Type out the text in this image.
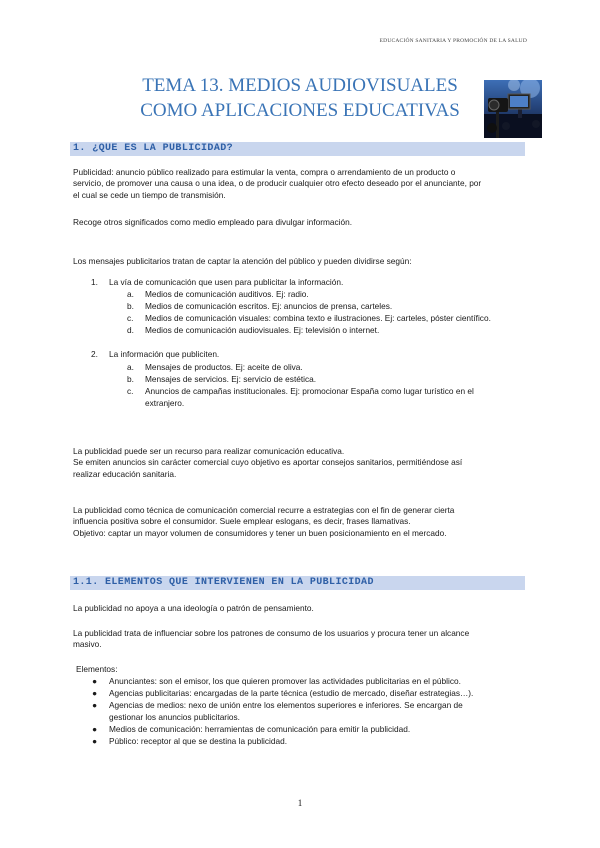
EDUCACIÓN SANITARIA Y PROMOCIÓN DE LA SALUD
TEMA 13. MEDIOS AUDIOVISUALES
COMO APLICACIONES EDUCATIVAS
1. ¿QUE ES LA PUBLICIDAD?
Publicidad: anuncio público realizado para estimular la venta, compra o arrendamiento de un producto o
servicio, de promover una causa o una idea, o de producir cualquier otro efecto deseado por el anunciante, por
el cual se cede un tiempo de transmisión.
Recoge otros significados como medio empleado para divulgar información.
Los mensajes publicitarios tratan de captar la atención del público y pueden dividirse según:
1.	La vía de comunicación que usen para publicitar la información.
a.	Medios de comunicación auditivos. Ej: radio.
b.	Medios de comunicación escritos. Ej: anuncios de prensa, carteles.
c.	Medios de comunicación visuales: combina texto e ilustraciones. Ej: carteles, póster científico.
d.	Medios de comunicación audiovisuales. Ej: televisión o internet.
2.	La información que publiciten.
a.	Mensajes de productos. Ej: aceite de oliva.
b.	Mensajes de servicios. Ej: servicio de estética.
c.	Anuncios de campañas institucionales. Ej: promocionar España como lugar turístico en el
extranjero.
La publicidad puede ser un recurso para realizar comunicación educativa.
Se emiten anuncios sin carácter comercial cuyo objetivo es aportar consejos sanitarios, permitiéndose así
realizar educación sanitaria.
La publicidad como técnica de comunicación comercial recurre a estrategias con el fin de generar cierta
influencia positiva sobre el consumidor. Suele emplear eslogans, es decir, frases llamativas.
Objetivo: captar un mayor volumen de consumidores y tener un buen posicionamiento en el mercado.
1.1. ELEMENTOS QUE INTERVIENEN EN LA PUBLICIDAD
La publicidad no apoya a una ideología o patrón de pensamiento.
La publicidad trata de influenciar sobre los patrones de consumo de los usuarios y procura tener un alcance
masivo.
Elementos:
●	Anunciantes: son el emisor, los que quieren promover las actividades publicitarias en el público.
●	Agencias publicitarias: encargadas de la parte técnica (estudio de mercado, diseñar estrategias…).
●	Agencias de medios: nexo de unión entre los elementos superiores e inferiores. Se encargan de
gestionar los anuncios publicitarios.
●	Medios de comunicación: herramientas de comunicación para emitir la publicidad.
●	Público: receptor al que se destina la publicidad.
1
